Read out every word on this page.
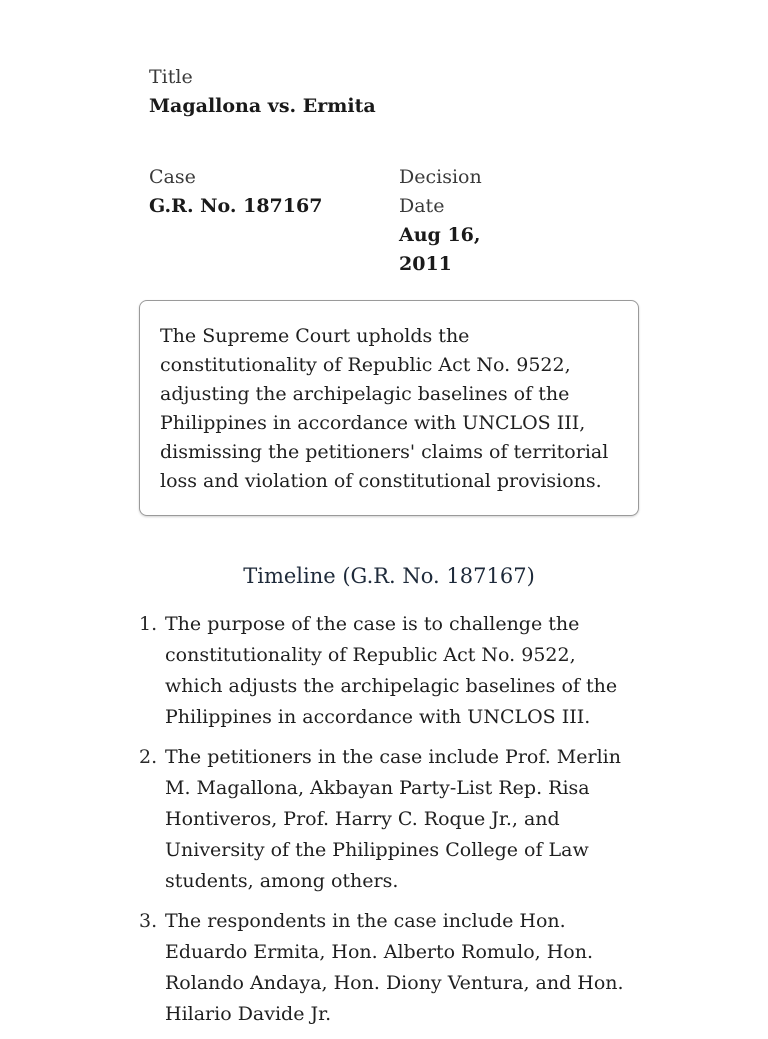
Title
Magallona vs. Ermita
Case
G.R. No. 187167
Decision
Date
Aug 16,
2011

The Supreme Court upholds the constitutionality of Republic Act No. 9522, adjusting the archipelagic baselines of the Philippines in accordance with UNCLOS III, dismissing the petitioners' claims of territorial loss and violation of constitutional provisions.

Timeline (G.R. No. 187167)
1. The purpose of the case is to challenge the constitutionality of Republic Act No. 9522, which adjusts the archipelagic baselines of the Philippines in accordance with UNCLOS III.
2. The petitioners in the case include Prof. Merlin M. Magallona, Akbayan Party-List Rep. Risa Hontiveros, Prof. Harry C. Roque Jr., and University of the Philippines College of Law students, among others.
3. The respondents in the case include Hon. Eduardo Ermita, Hon. Alberto Romulo, Hon. Rolando Andaya, Hon. Diony Ventura, and Hon. Hilario Davide Jr.
